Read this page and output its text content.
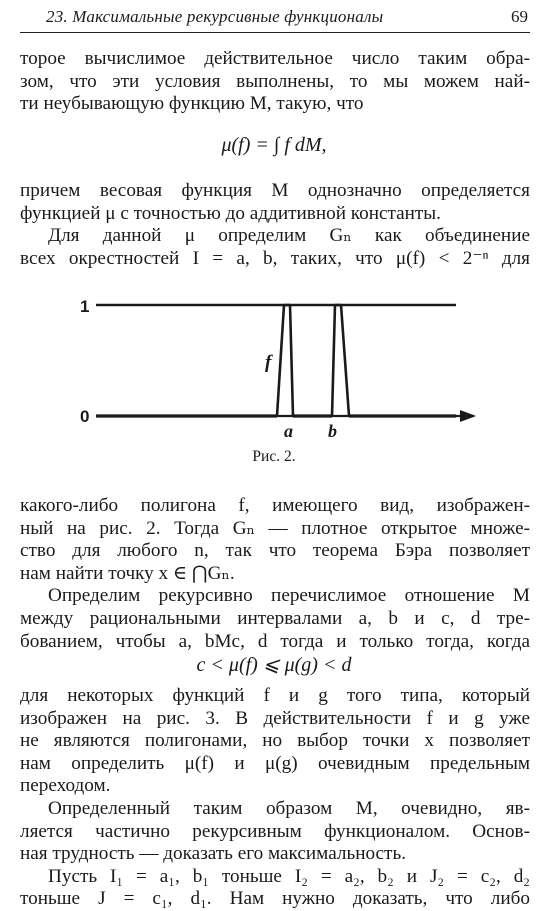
23. Максимальные рекурсивные функционалы	69
торое вычислимое действительное число таким обра-
зом, что эти условия выполнены, то мы можем най-
ти неубывающую функцию M, такую, что
μ(f) = ∫ f dM,
причем весовая функция M однозначно определяется
функцией μ с точностью до аддитивной константы.
Для данной μ определим Gₙ как объединение
всех окрестностей I = a, b, таких, что μ(f) < 2⁻ⁿ для
1
0
f
a b
Рис. 2.
какого-либо полигона f, имеющего вид, изображен-
ный на рис. 2. Тогда Gₙ — плотное открытое множе-
ство для любого n, так что теорема Бэра позволяет
нам найти точку x ∈ ⋂Gₙ.
Определим рекурсивно перечислимое отношение M
между рациональными интервалами a, b и c, d тре-
бованием, чтобы a, bMc, d тогда и только тогда, когда
c < μ(f) ⩽ μ(g) < d
для некоторых функций f и g того типа, который
изображен на рис. 3. В действительности f и g уже
не являются полигонами, но выбор точки x позволяет
нам определить μ(f) и μ(g) очевидным предельным
переходом.
Определенный таким образом M, очевидно, яв-
ляется частично рекурсивным функционалом. Основ-
ная трудность — доказать его максимальность.
Пусть I₁ = a₁, b₁ тоньше I₂ = a₂, b₂ и J₂ = c₂, d₂
тоньше J = c₁, d₁. Нам нужно доказать, что либо
